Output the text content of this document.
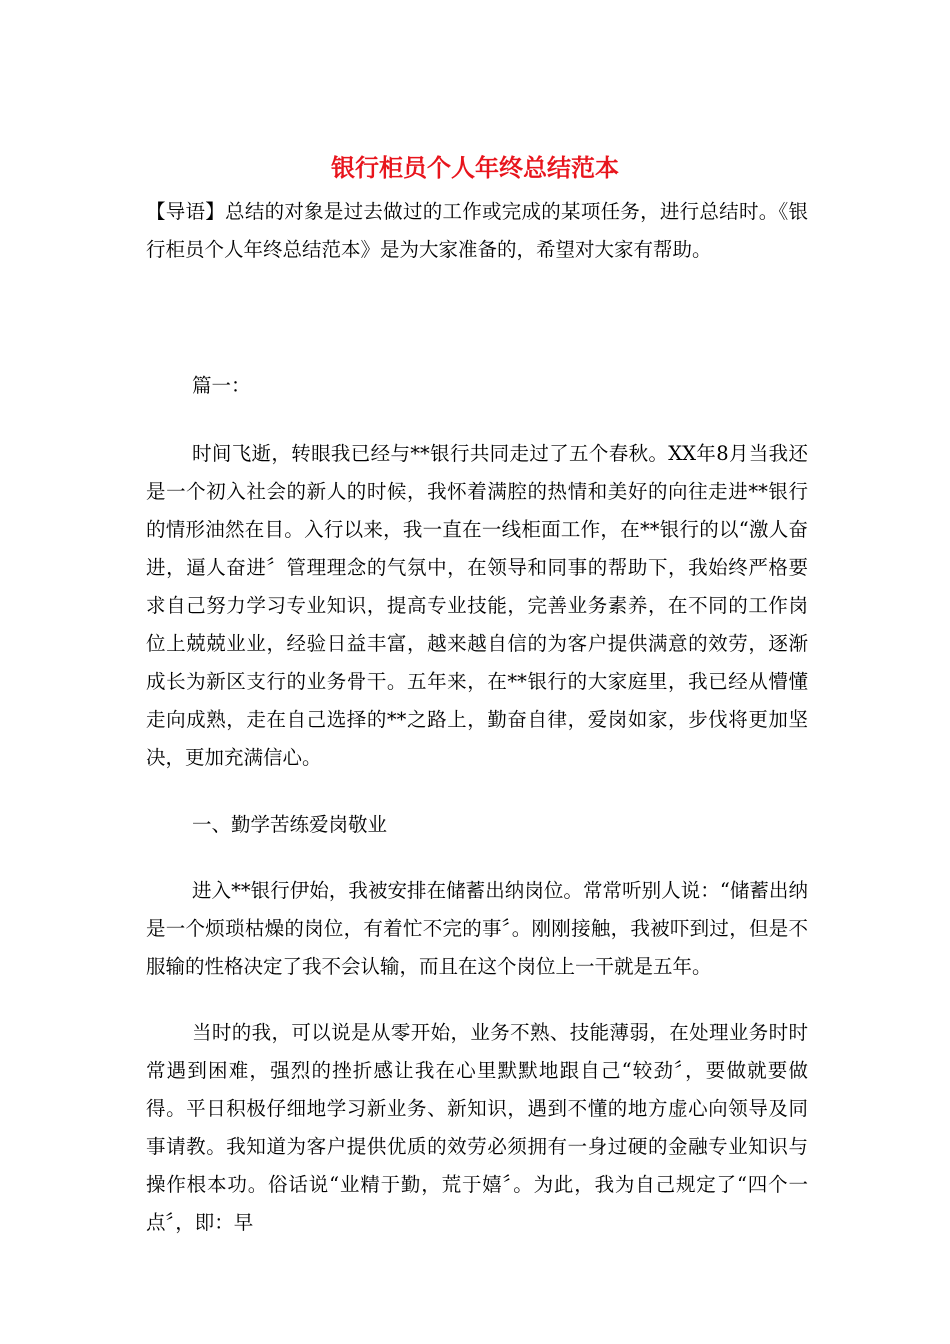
银行柜员个人年终总结范本

【导语】总结的对象是过去做过的工作或完成的某项任务，进行总结时。《银行柜员个人年终总结范本》是为大家准备的，希望对大家有帮助。

篇一：

时间飞逝，转眼我已经与**银行共同走过了五个春秋。XX年8月当我还是一个初入社会的新人的时候，我怀着满腔的热情和美好的向往走进**银行的情形油然在目。入行以来，我一直在一线柜面工作，在**银行的以“激人奋进，逼人奋进〞管理理念的气氛中，在领导和同事的帮助下，我始终严格要求自己努力学习专业知识，提高专业技能，完善业务素养，在不同的工作岗位上兢兢业业，经验日益丰富，越来越自信的为客户提供满意的效劳，逐渐成长为新区支行的业务骨干。五年来，在**银行的大家庭里，我已经从懵懂走向成熟，走在自己选择的**之路上，勤奋自律，爱岗如家，步伐将更加坚决，更加充满信心。

一、勤学苦练爱岗敬业

进入**银行伊始，我被安排在储蓄出纳岗位。常常听别人说：“储蓄出纳是一个烦琐枯燥的岗位，有着忙不完的事〞。刚刚接触，我被吓到过，但是不服输的性格决定了我不会认输，而且在这个岗位上一干就是五年。

当时的我，可以说是从零开始，业务不熟、技能薄弱，在处理业务时时常遇到困难，强烈的挫折感让我在心里默默地跟自己“较劲〞，要做就要做得。平日积极仔细地学习新业务、新知识，遇到不懂的地方虚心向领导及同事请教。我知道为客户提供优质的效劳必须拥有一身过硬的金融专业知识与操作根本功。俗话说“业精于勤，荒于嬉〞。为此，我为自己规定了“四个一点〞，即：早
